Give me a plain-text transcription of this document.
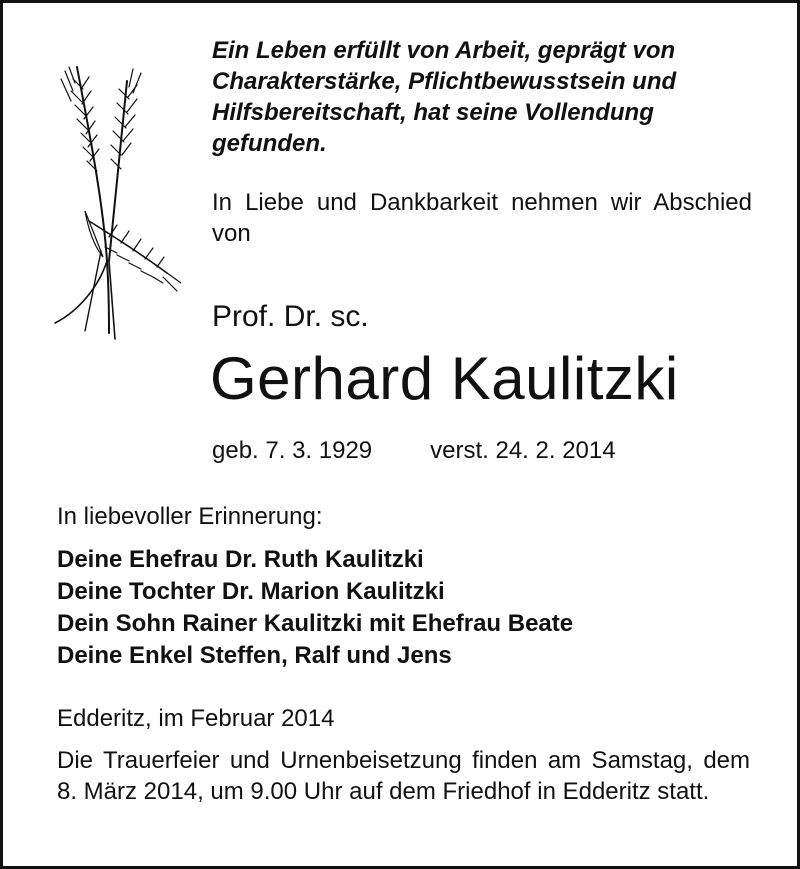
Ein Leben erfüllt von Arbeit, geprägt von
Charakterstärke, Pflichtbewusstsein und
Hilfsbereitschaft, hat seine Vollendung
gefunden.
In Liebe und Dankbarkeit nehmen wir Abschied von
Prof. Dr. sc.
Gerhard Kaulitzki
geb. 7. 3. 1929 verst. 24. 2. 2014
In liebevoller Erinnerung:
Deine Ehefrau Dr. Ruth Kaulitzki
Deine Tochter Dr. Marion Kaulitzki
Dein Sohn Rainer Kaulitzki mit Ehefrau Beate
Deine Enkel Steffen, Ralf und Jens
Edderitz, im Februar 2014
Die Trauerfeier und Urnenbeisetzung finden am Samstag, dem 8. März 2014, um 9.00 Uhr auf dem Friedhof in Edderitz statt.
